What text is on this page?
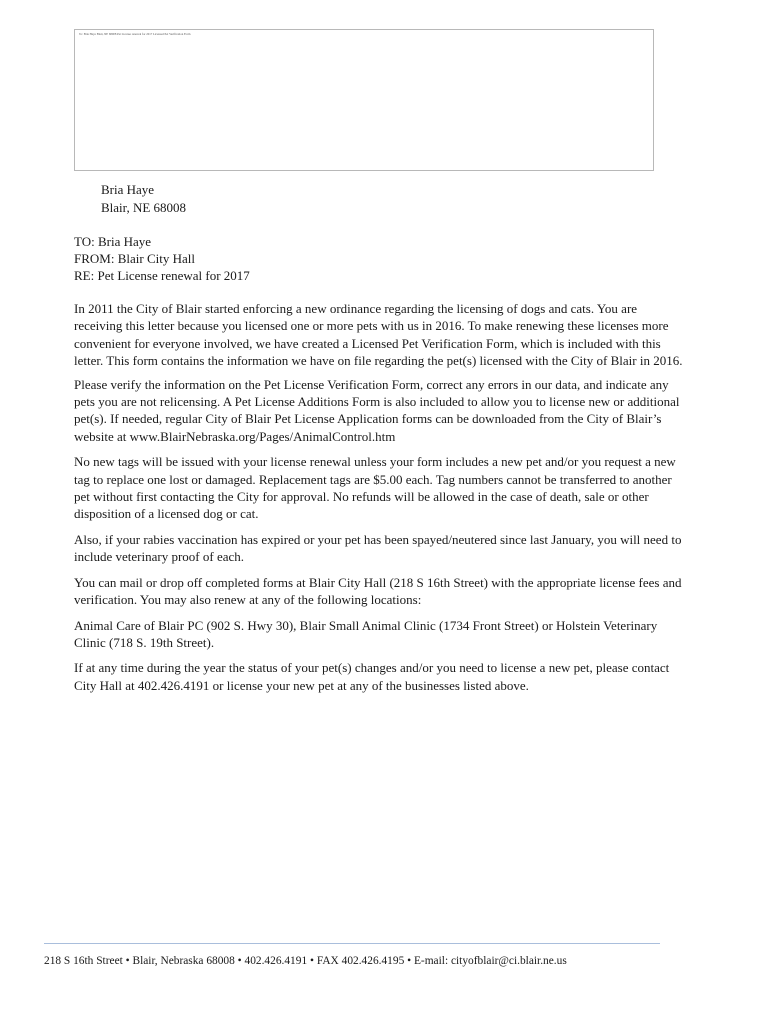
To: Bria Haye Blair, NE 68008 Pet License renewal for 2017 Licensed Pet Verification Form
Bria Haye
Blair, NE 68008
TO: Bria Haye
FROM: Blair City Hall
RE: Pet License renewal for 2017

In 2011 the City of Blair started enforcing a new ordinance regarding the licensing of dogs and cats. You are receiving this letter because you licensed one or more pets with us in 2016. To make renewing these licenses more convenient for everyone involved, we have created a Licensed Pet Verification Form, which is included with this letter. This form contains the information we have on file regarding the pet(s) licensed with the City of Blair in 2016.

Please verify the information on the Pet License Verification Form, correct any errors in our data, and indicate any pets you are not relicensing. A Pet License Additions Form is also included to allow you to license new or additional pet(s). If needed, regular City of Blair Pet License Application forms can be downloaded from the City of Blair’s website at www.BlairNebraska.org/Pages/AnimalControl.htm

No new tags will be issued with your license renewal unless your form includes a new pet and/or you request a new tag to replace one lost or damaged. Replacement tags are $5.00 each. Tag numbers cannot be transferred to another pet without first contacting the City for approval. No refunds will be allowed in the case of death, sale or other disposition of a licensed dog or cat.

Also, if your rabies vaccination has expired or your pet has been spayed/neutered since last January, you will need to include veterinary proof of each.

You can mail or drop off completed forms at Blair City Hall (218 S 16th Street) with the appropriate license fees and verification. You may also renew at any of the following locations:

Animal Care of Blair PC (902 S. Hwy 30), Blair Small Animal Clinic (1734 Front Street) or Holstein Veterinary Clinic (718 S. 19th Street).

If at any time during the year the status of your pet(s) changes and/or you need to license a new pet, please contact City Hall at 402.426.4191 or license your new pet at any of the businesses listed above.

218 S 16th Street • Blair, Nebraska 68008 • 402.426.4191 • FAX 402.426.4195 • E-mail: cityofblair@ci.blair.ne.us
